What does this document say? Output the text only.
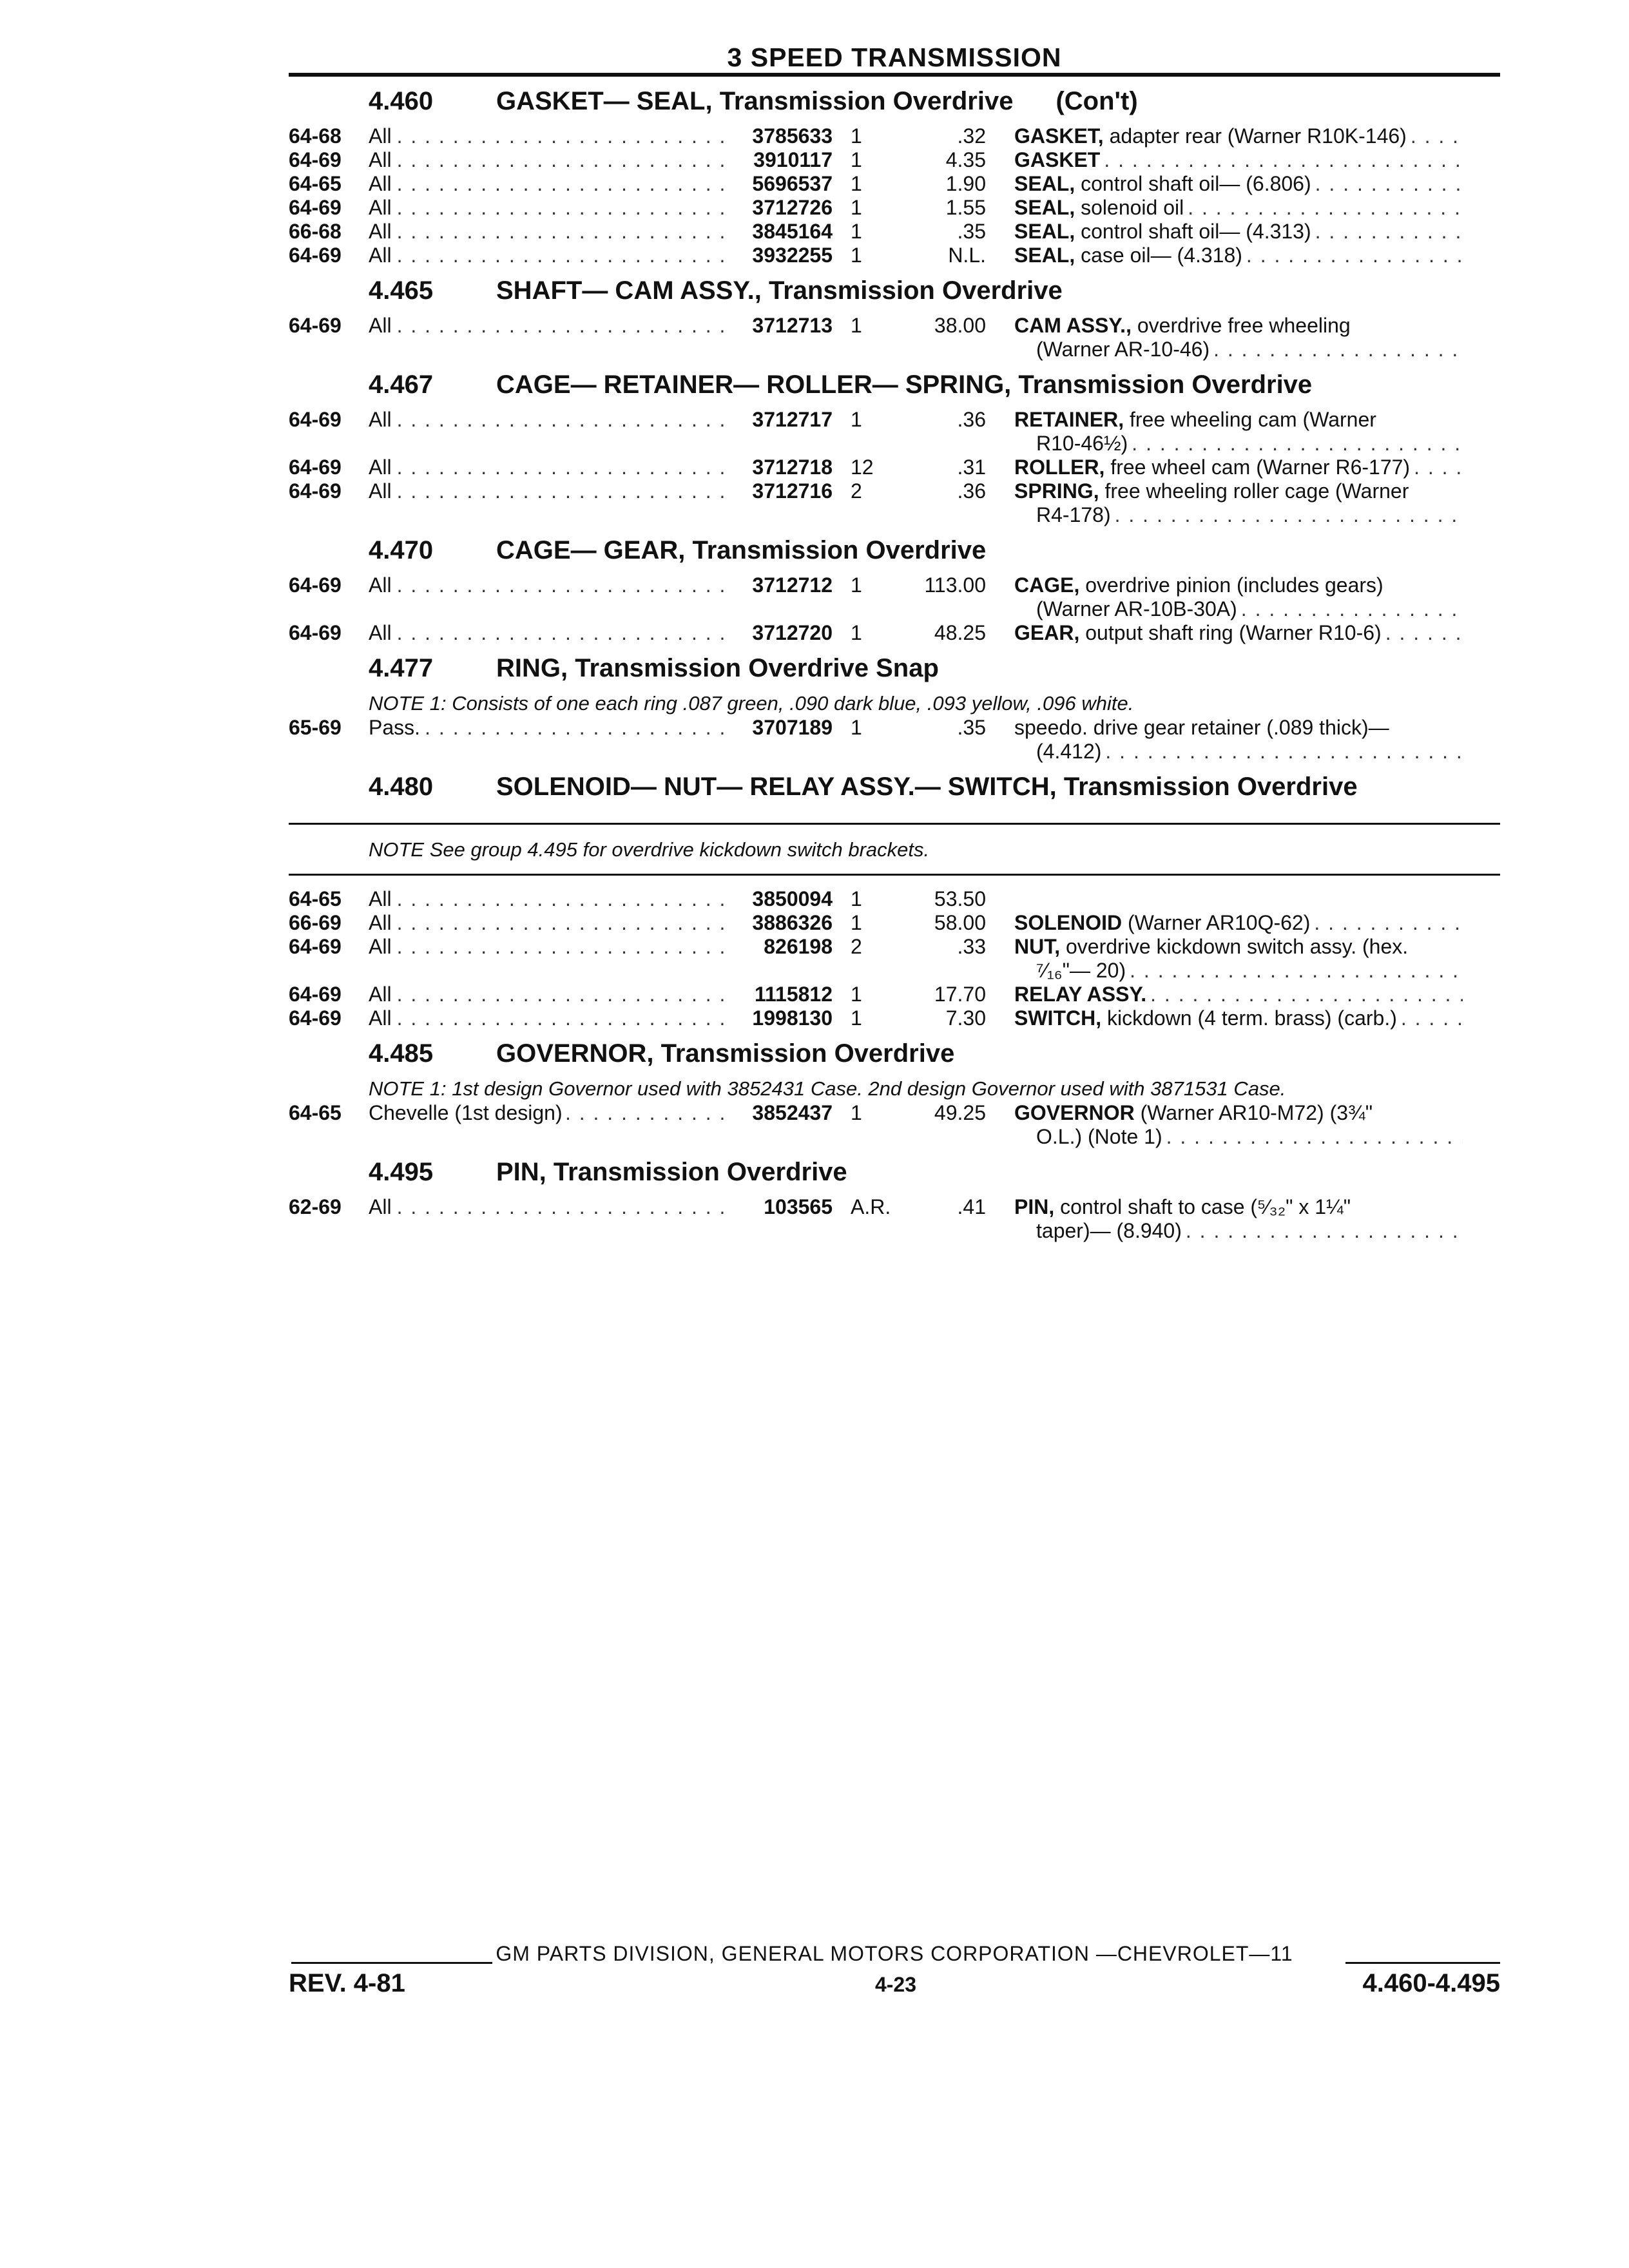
3 SPEED TRANSMISSION
4.460	GASKET— SEAL, Transmission Overdrive (Con't)
64-68	All . . .	3785633 1	.32 GASKET, adapter rear (Warner R10K-146)
. . .
64-69	All . . .	3910117 1	4.35 GASKET
. . .
64-65	All . . .	5696537 1	1.90 SEAL, control shaft oil— (6.806)
. . .
64-69	All . . .	3712726 1	1.55 SEAL, solenoid oil
. . .
66-68	All . . .	3845164 1	.35 SEAL, control shaft oil— (4.313)
. . .
64-69	All . . .	3932255 1	N.L. SEAL, case oil— (4.318)
. . .
4.465	SHAFT— CAM ASSY., Transmission Overdrive
64-69	All . . .	3712713 1	38.00 CAM ASSY., overdrive free wheeling
(Warner AR-10-46)
. . .
4.467	CAGE— RETAINER— ROLLER— SPRING, Transmission Overdrive
64-69	All . . .	3712717 1	.36 RETAINER, free wheeling cam (Warner
R10-46½)
. . .
64-69	All . . .	3712718 12	.31 ROLLER, free wheel cam (Warner R6-177)
. . .
64-69	All . . .	3712716 2	.36 SPRING, free wheeling roller cage (Warner
R4-178)
. . .
4.470	CAGE— GEAR, Transmission Overdrive
64-69	All . . .	3712712 1	113.00 CAGE, overdrive pinion (includes gears)
(Warner AR-10B-30A)
. . .
64-69	All . . .	3712720 1	48.25 GEAR, output shaft ring (Warner R10-6)
. . .
4.477	RING, Transmission Overdrive Snap
NOTE 1: Consists of one each ring .087 green, .090 dark blue, .093 yellow, .096 white.
65-69	Pass. . . .	3707189 1	.35 speedo. drive gear retainer (.089 thick)—
(4.412)
. . .
4.480	SOLENOID— NUT— RELAY ASSY.— SWITCH, Transmission Overdrive
NOTE See group 4.495 for overdrive kickdown switch brackets.
64-65	All . . .	3850094 1	53.50
66-69	All . . .	3886326 1	58.00 SOLENOID (Warner AR10Q-62)
. . .
64-69	All . . .	826198 2	.33 NUT, overdrive kickdown switch assy. (hex.
⁷⁄₁₆"— 20)
. . .
64-69	All . . .	1115812 1	17.70 RELAY ASSY.
. . .
64-69	All . . .	1998130 1	7.30 SWITCH, kickdown (4 term. brass) (carb.)
. . .
4.485	GOVERNOR, Transmission Overdrive
NOTE 1: 1st design Governor used with 3852431 Case. 2nd design Governor used with 3871531 Case.
64-65	Chevelle (1st design) . . .	3852437 1	49.25 GOVERNOR (Warner AR10-M72) (3¾"
O.L.) (Note 1)
. . .
4.495	PIN, Transmission Overdrive
62-69	All . . .	103565 A.R.	.41 PIN, control shaft to case (⁵⁄₃₂" x 1¼"
taper)— (8.940)
. . .
GM PARTS DIVISION, GENERAL MOTORS CORPORATION —CHEVROLET—11
REV. 4-81	4-23	4.460-4.495
